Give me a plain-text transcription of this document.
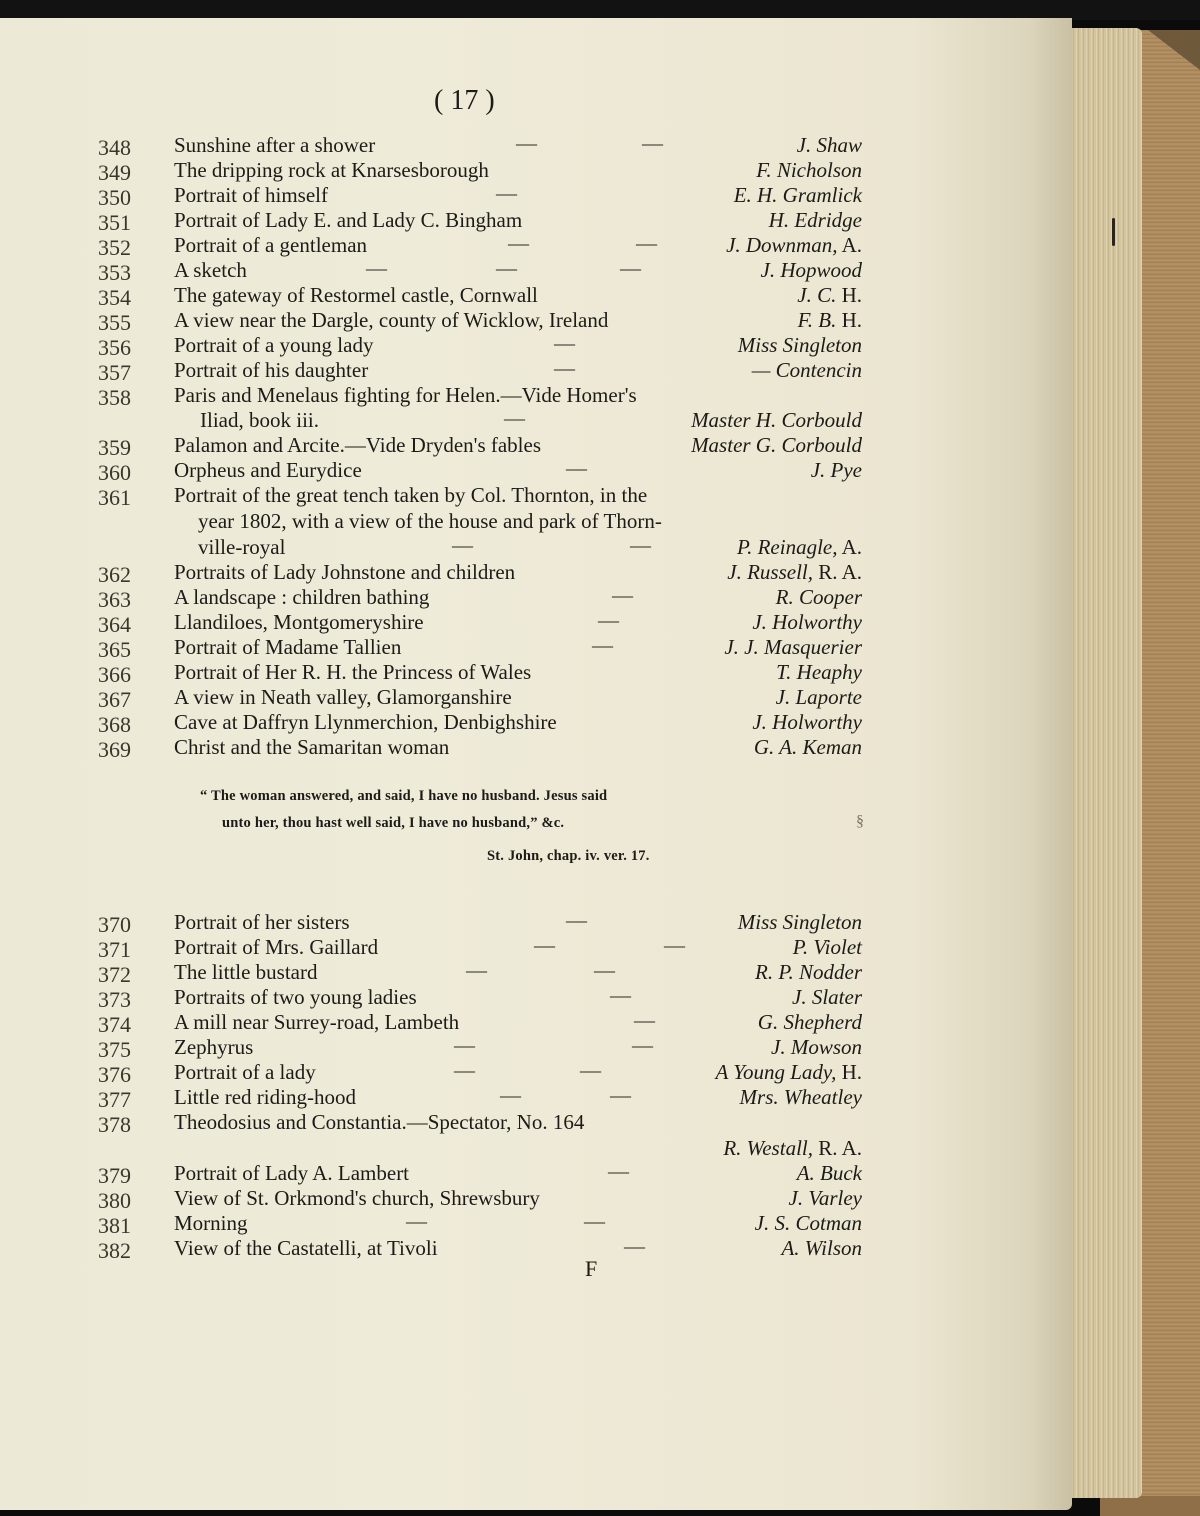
( 17 )
348 Sunshine after a shower	—	—	J. Shaw
349 The dripping rock at Knarsesborough	F. Nicholson
350 Portrait of himself	—	E. H. Gramlick
351 Portrait of Lady E. and Lady C. Bingham	H. Edridge
352 Portrait of a gentleman	—	—	J. Downman, A.
353 A sketch	—	—	—	J. Hopwood
354 The gateway of Restormel castle, Cornwall	J. C. H.
355 A view near the Dargle, county of Wicklow, Ireland	F. B. H.
356 Portrait of a young lady	—	Miss Singleton
357 Portrait of his daughter	—	— Contencin
358 Paris and Menelaus fighting for Helen.—Vide Homer's
Iliad, book iii.	—	Master H. Corbould
359 Palamon and Arcite.—Vide Dryden's fables	Master G. Corbould
360 Orpheus and Eurydice	—	J. Pye
361 Portrait of the great tench taken by Col. Thornton, in the
year 1802, with a view of the house and park of Thorn-
ville-royal	—	—	P. Reinagle, A.
362 Portraits of Lady Johnstone and children	J. Russell, R. A.
363 A landscape : children bathing	—	R. Cooper
364 Llandiloes, Montgomeryshire	—	J. Holworthy
365 Portrait of Madame Tallien	—	J. J. Masquerier
366 Portrait of Her R. H. the Princess of Wales	T. Heaphy
367 A view in Neath valley, Glamorganshire	J. Laporte
368 Cave at Daffryn Llynmerchion, Denbighshire	J. Holworthy
369 Christ and the Samaritan woman	G. A. Keman
“ The woman answered, and said, I have no husband. Jesus said
unto her, thou hast well said, I have no husband,” &c.	§
St. John, chap. iv. ver. 17.
370 Portrait of her sisters	—	Miss Singleton
371 Portrait of Mrs. Gaillard	—	—	P. Violet
372 The little bustard	—	—	R. P. Nodder
373 Portraits of two young ladies	—	J. Slater
374 A mill near Surrey-road, Lambeth	—	G. Shepherd
375 Zephyrus	—	—	J. Mowson
376 Portrait of a lady	—	—	A Young Lady, H.
377 Little red riding-hood	—	—	Mrs. Wheatley
378 Theodosius and Constantia.—Spectator, No. 164
R. Westall, R. A.
379 Portrait of Lady A. Lambert	—	A. Buck
380 View of St. Orkmond's church, Shrewsbury	J. Varley
381 Morning	—	—	J. S. Cotman
382 View of the Castatelli, at Tivoli	—	A. Wilson
F
